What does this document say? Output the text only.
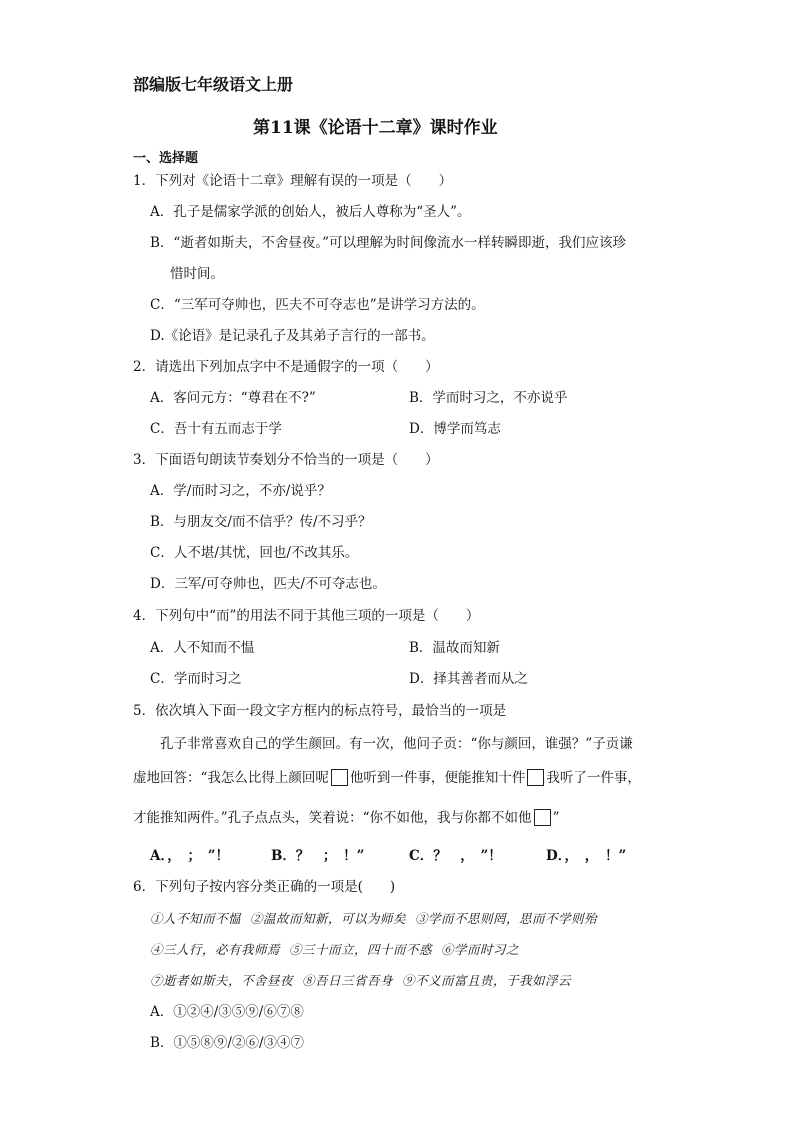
部编版七年级语文上册
第11课《论语十二章》课时作业
一、选择题
1．下列对《论语十二章》理解有误的一项是（　　）
A．孔子是儒家学派的创始人，被后人尊称为“圣人”。
B．“逝者如斯夫，不舍昼夜。”可以理解为时间像流水一样转瞬即逝，我们应该珍
惜时间。
C．“三军可夺帅也，匹夫不可夺志也”是讲学习方法的。
D.《论语》是记录孔子及其弟子言行的一部书。
2．请选出下列加点字中不是通假字的一项（　　）
A．客问元方：“尊君在不?”	B．学而时习之，不亦说乎
C．吾十有五而志于学	D．博学而笃志
3．下面语句朗读节奏划分不恰当的一项是（　　）
A．学/而时习之，不亦/说乎？
B．与朋友交/而不信乎？传/不习乎？
C．人不堪/其忧，回也/不改其乐。
D．三军/可夺帅也，匹夫/不可夺志也。
4．下列句中“而”的用法不同于其他三项的一项是（　　）
A．人不知而不愠	B．温故而知新
C．学而时习之	D．择其善者而从之
5．依次填入下面一段文字方框内的标点符号，最恰当的一项是
孔子非常喜欢自己的学生颜回。有一次，他问子贡：“你与颜回，谁强？”子贡谦
虚地回答：“我怎么比得上颜回呢 他听到一件事，便能推知十件 我听了一件事，
才能推知两件。”孔子点点头，笑着说：“你不如他，我与你都不如他 ”
A．，　；　”！	B．？　；　！”	C．？　，　”！	D．，　，　！”
6．下列句子按内容分类正确的一项是(　　)
①人不知而不愠 ②温故而知新，可以为师矣 ③学而不思则罔，思而不学则殆
④三人行，必有我师焉 ⑤三十而立，四十而不惑 ⑥学而时习之
⑦逝者如斯夫，不舍昼夜 ⑧吾日三省吾身 ⑨不义而富且贵，于我如浮云
A．①②④/③⑤⑨/⑥⑦⑧
B．①⑤⑧⑨/②⑥/③④⑦
